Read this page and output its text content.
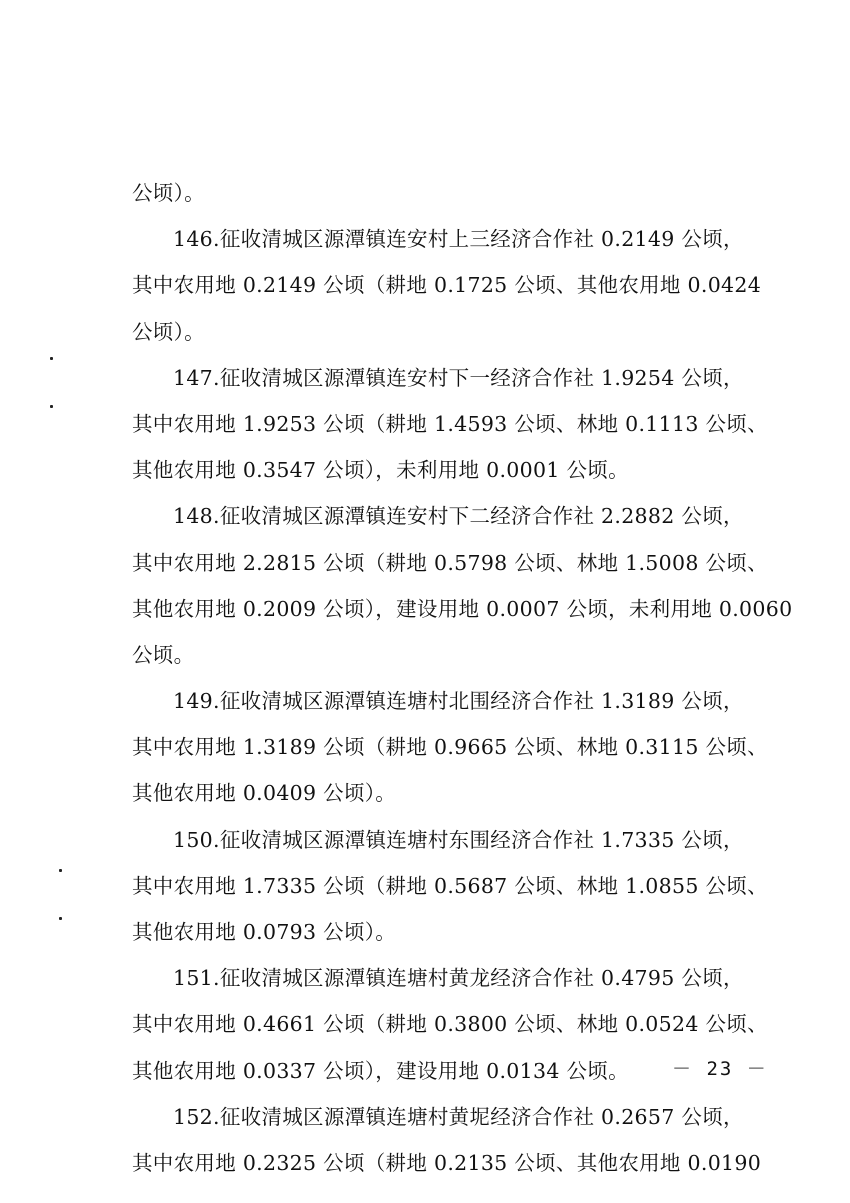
公顷）。
146.征收清城区源潭镇连安村上三经济合作社 0.2149 公顷，
其中农用地 0.2149 公顷（耕地 0.1725 公顷、其他农用地 0.0424
公顷）。
147.征收清城区源潭镇连安村下一经济合作社 1.9254 公顷，
其中农用地 1.9253 公顷（耕地 1.4593 公顷、林地 0.1113 公顷、
其他农用地 0.3547 公顷），未利用地 0.0001 公顷。
148.征收清城区源潭镇连安村下二经济合作社 2.2882 公顷，
其中农用地 2.2815 公顷（耕地 0.5798 公顷、林地 1.5008 公顷、
其他农用地 0.2009 公顷），建设用地 0.0007 公顷，未利用地 0.0060
公顷。
149.征收清城区源潭镇连塘村北围经济合作社 1.3189 公顷，
其中农用地 1.3189 公顷（耕地 0.9665 公顷、林地 0.3115 公顷、
其他农用地 0.0409 公顷）。
150.征收清城区源潭镇连塘村东围经济合作社 1.7335 公顷，
其中农用地 1.7335 公顷（耕地 0.5687 公顷、林地 1.0855 公顷、
其他农用地 0.0793 公顷）。
151.征收清城区源潭镇连塘村黄龙经济合作社 0.4795 公顷，
其中农用地 0.4661 公顷（耕地 0.3800 公顷、林地 0.0524 公顷、
其他农用地 0.0337 公顷），建设用地 0.0134 公顷。
152.征收清城区源潭镇连塘村黄坭经济合作社 0.2657 公顷，
其中农用地 0.2325 公顷（耕地 0.2135 公顷、其他农用地 0.0190
－ 23 －
